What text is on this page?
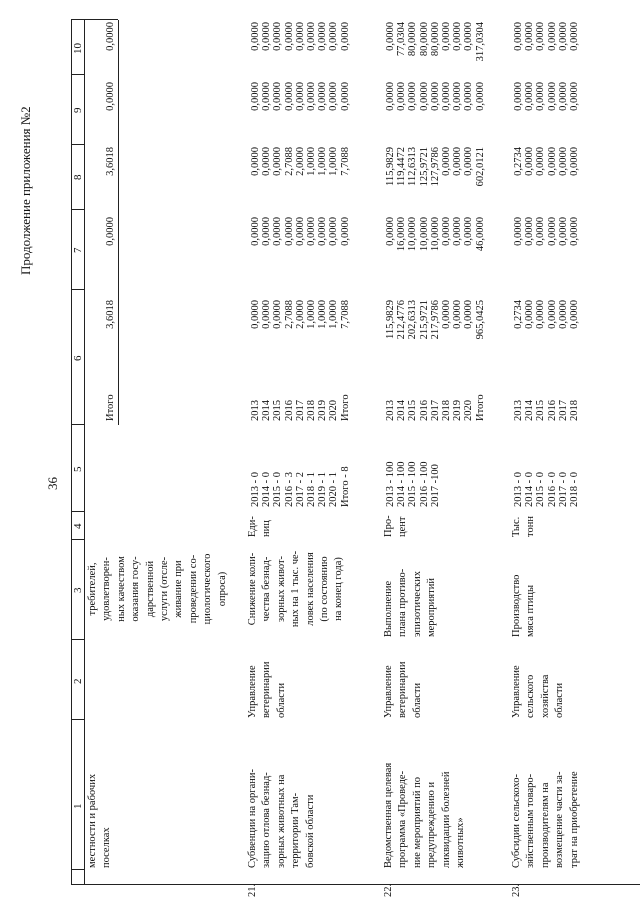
36
Продолжение приложения №2
1
2
3
4
5
6
7
8
9
10
местности и рабочих
поселках
требителей,
удовлетворен-
ных качеством
оказания госу-
дарственной
услуги (отсле-
живание при
проведении со-
циологического
опроса)
Итого
3,6018
0,0000
3,6018
0,0000
0,0000
21.
Субвенции на органи-
зацию отлова безнад-
зорных животных на
территории Там-
бовской области
Управление
ветеринарии
области
Снижение коли-
чества безнад-
зорных живот-
ных на 1 тыс. че-
ловек населения
(по состоянию
на конец года)
Еди-
ниц
2013 - 0
2014 - 0
2015 - 0
2016 - 3
2017 - 2
2018 - 1
2019 - 1
2020 - 1
Итого - 8
2013
2014
2015
2016
2017
2018
2019
2020
Итого
0,0000
0,0000
0,0000
2,7088
2,0000
1,0000
1,0000
1,0000
7,7088
0,0000
0,0000
0,0000
0,0000
0,0000
0,0000
0,0000
0,0000
0,0000
0,0000
0,0000
0,0000
2,7088
2,0000
1,0000
1,0000
1,0000
7,7088
0,0000
0,0000
0,0000
0,0000
0,0000
0,0000
0,0000
0,0000
0,0000
0,0000
0,0000
0,0000
0,0000
0,0000
0,0000
0,0000
0,0000
0,0000
22.
Ведомственная целевая
программа «Проведе-
ние мероприятий по
предупреждению и
ликвидации болезней
животных»
Управление
ветеринарии
области
Выполнение
плана противо-
эпизотических
мероприятий
Про-
цент
2013 - 100
2014 - 100
2015 - 100
2016 - 100
2017 -100
2013
2014
2015
2016
2017
2018
2019
2020
Итого
115,9829
212,4776
202,6313
215,9721
217,9786
0,0000
0,0000
0,0000
965,0425
0,0000
16,0000
10,0000
10,0000
10,0000
0,0000
0,0000
0,0000
46,0000
115,9829
119,4472
112,6313
125,9721
127,9786
0,0000
0,0000
0,0000
602,0121
0,0000
0,0000
0,0000
0,0000
0,0000
0,0000
0,0000
0,0000
0,0000
0,0000
77,0304
80,0000
80,0000
80,0000
0,0000
0,0000
0,0000
317,0304
23.
Субсидии сельскохо-
зяйственным товаро-
производителям на
возмещение части за-
трат на приобретение
Управление
сельского
хозяйства
области
Производство
мяса птицы
Тыс.
тонн
2013 - 0
2014 - 0
2015 - 0
2016 - 0
2017 - 0
2018 - 0
2013
2014
2015
2016
2017
2018
0,2734
0,0000
0,0000
0,0000
0,0000
0,0000
0,0000
0,0000
0,0000
0,0000
0,0000
0,0000
0,2734
0,0000
0,0000
0,0000
0,0000
0,0000
0,0000
0,0000
0,0000
0,0000
0,0000
0,0000
0,0000
0,0000
0,0000
0,0000
0,0000
0,0000
